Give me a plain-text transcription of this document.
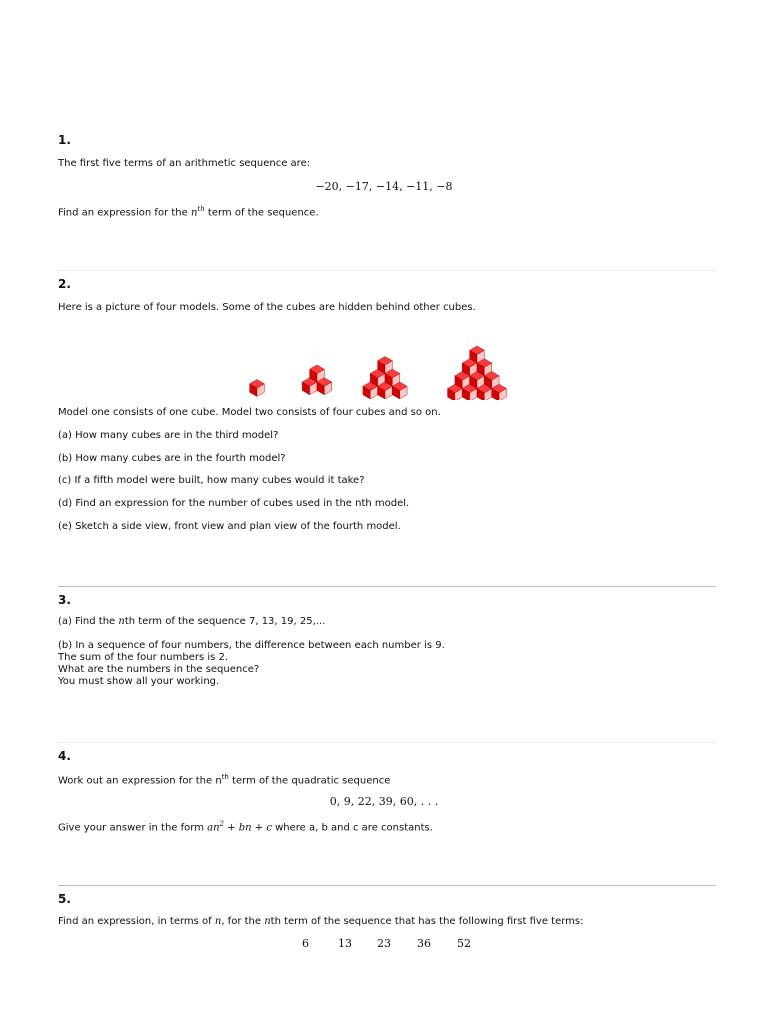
1.
The first five terms of an arithmetic sequence are:
−20, −17, −14, −11, −8
Find an expression for the $n^{th}$ term of the sequence.
2.
Here is a picture of four models. Some of the cubes are hidden behind other cubes.
Model one consists of one cube. Model two consists of four cubes and so on.
(a) How many cubes are in the third model?
(b) How many cubes are in the fourth model?
(c) If a fifth model were built, how many cubes would it take?
(d) Find an expression for the number of cubes used in the nth model.
(e) Sketch a side view, front view and plan view of the fourth model.
3.
(a) Find the nth term of the sequence 7, 13, 19, 25,...
(b) In a sequence of four numbers, the difference between each number is 9.
The sum of the four numbers is 2.
What are the numbers in the sequence?
You must show all your working.
4.
Work out an expression for the $n^{th}$ term of the quadratic sequence
0, 9, 22, 39, 60, . . .
Give your answer in the form $an^2$ + bn + c where a, b and c are constants.
5.
Find an expression, in terms of n, for the nth term of the sequence that has the following first five terms:
6	13 23 36 52
